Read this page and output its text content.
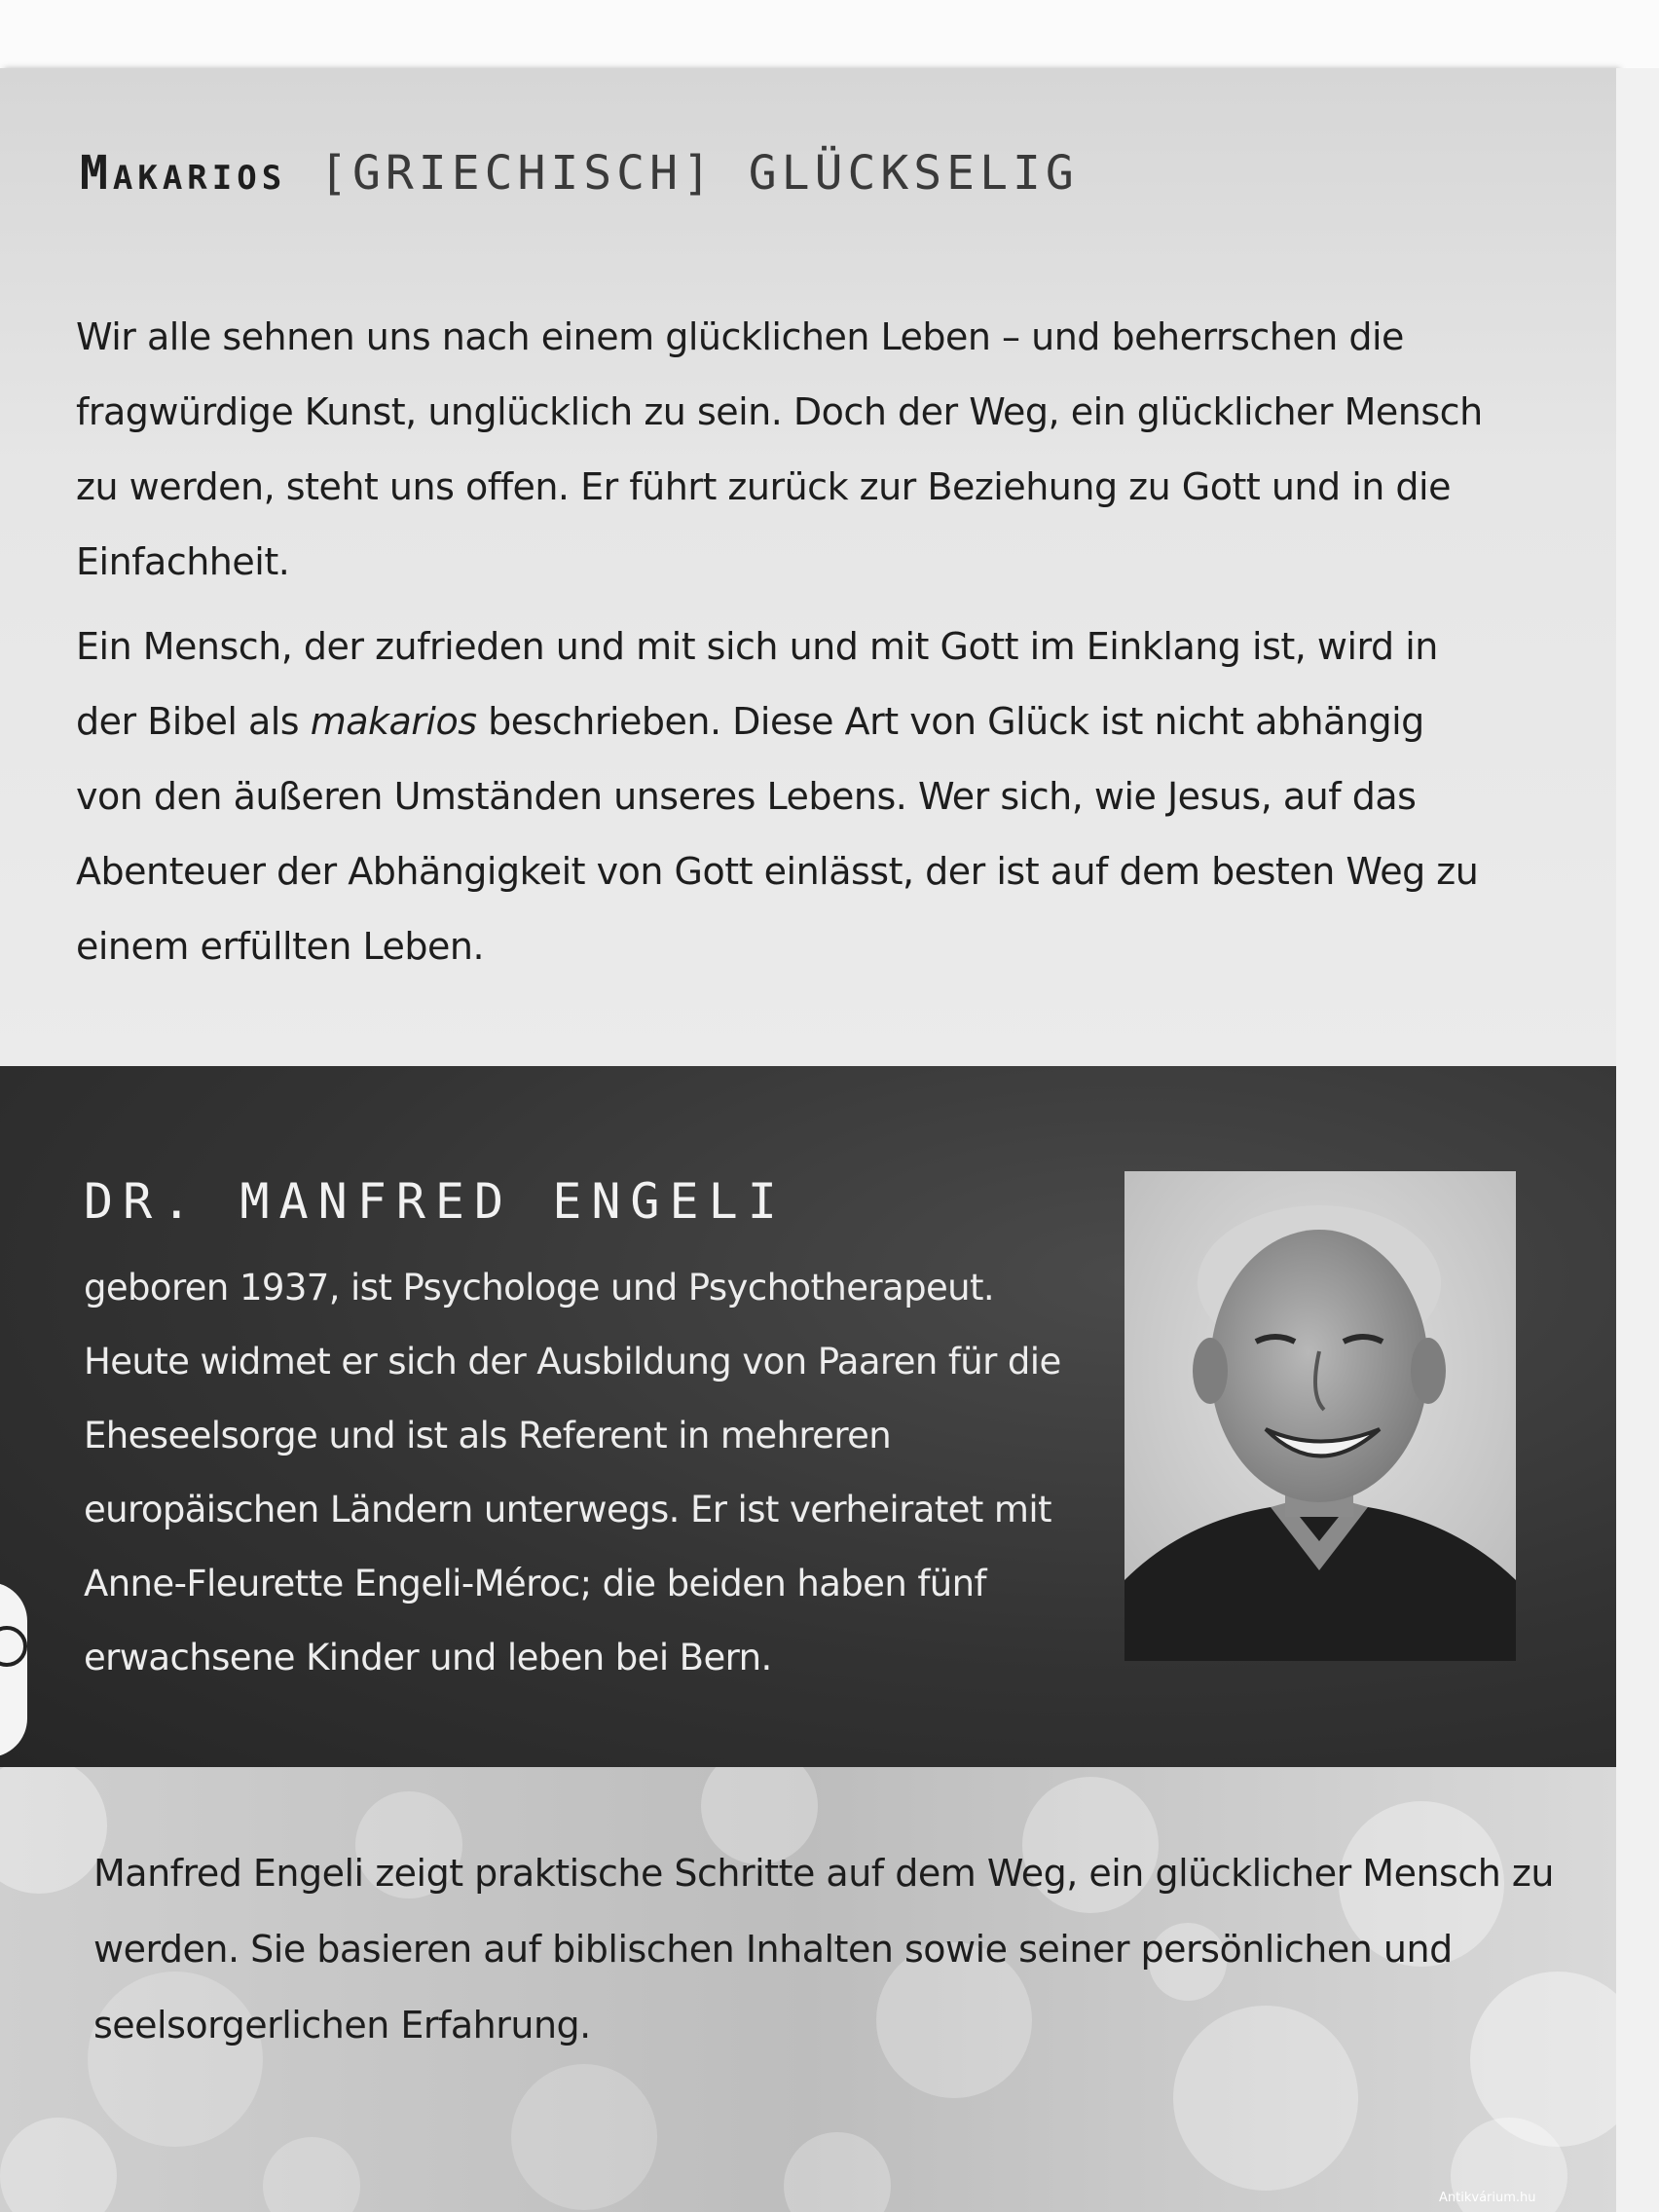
Makarios [GRIECHISCH] GLÜCKSELIG
Wir alle sehnen uns nach einem glücklichen Leben – und beherrschen die fragwürdige Kunst, unglücklich zu sein. Doch der Weg, ein glücklicher Mensch zu werden, steht uns offen. Er führt zurück zur Beziehung zu Gott und in die Einfachheit.
Ein Mensch, der zufrieden und mit sich und mit Gott im Einklang ist, wird in der Bibel als makarios beschrieben. Diese Art von Glück ist nicht abhängig von den äußeren Umständen unseres Lebens. Wer sich, wie Jesus, auf das Abenteuer der Abhängigkeit von Gott einlässt, der ist auf dem besten Weg zu einem erfüllten Leben.
DR. MANFRED ENGELI
geboren 1937, ist Psychologe und Psychotherapeut. Heute widmet er sich der Ausbildung von Paaren für die Eheseelsorge und ist als Referent in mehreren europäischen Ländern unterwegs. Er ist verheiratet mit Anne-Fleurette Engeli-Méroc; die beiden haben fünf erwachsene Kinder und leben bei Bern.
Manfred Engeli zeigt praktische Schritte auf dem Weg, ein glücklicher Mensch zu werden. Sie basieren auf biblischen Inhalten sowie seiner persönlichen und seelsorgerlichen Erfahrung.
Antikvárium.hu
